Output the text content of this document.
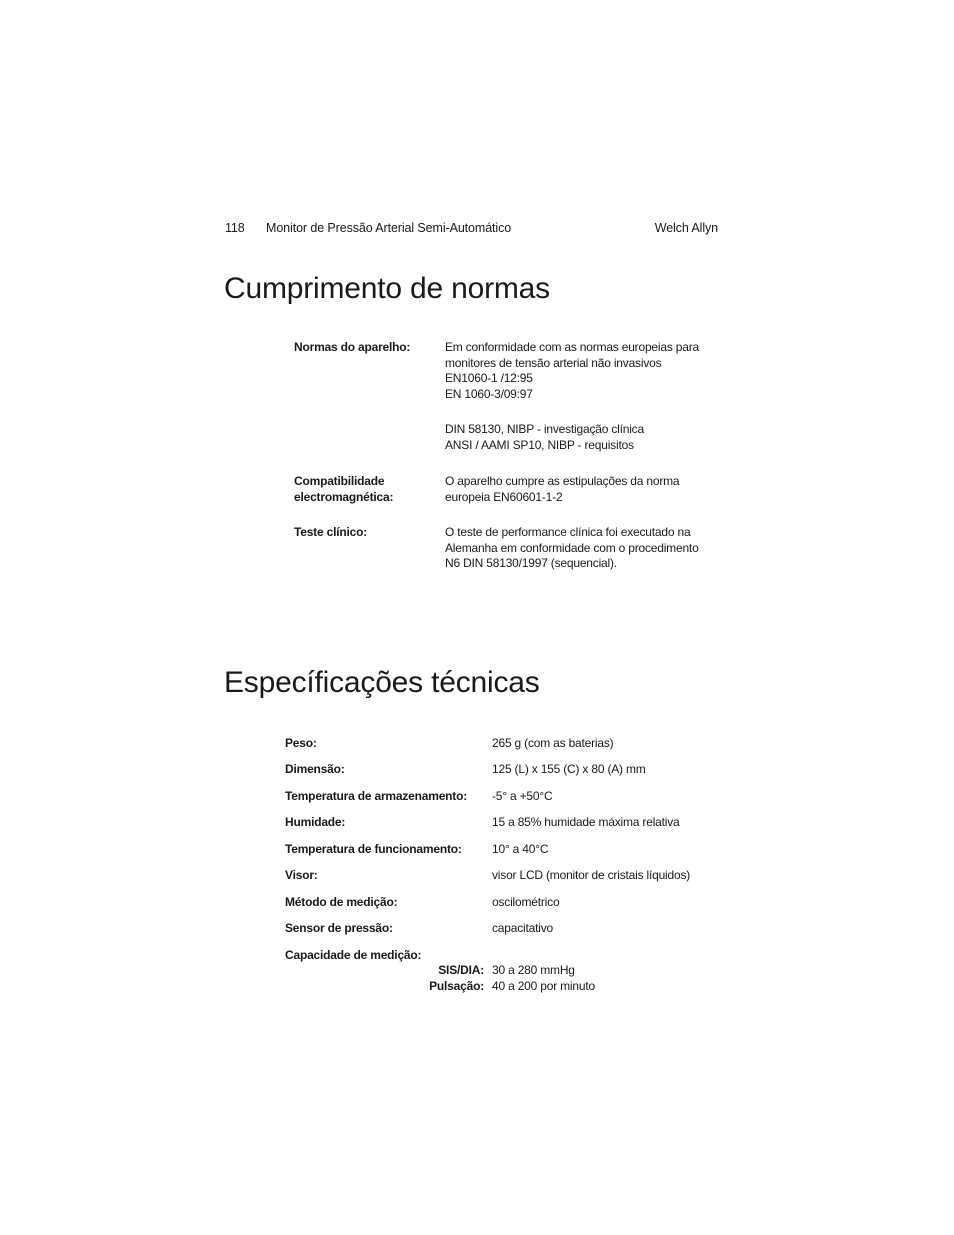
118 Monitor de Pressão Arterial Semi-Automático	Welch Allyn
Cumprimento de normas
Normas do aparelho:	Em conformidade com as normas europeias para
monitores de tensão arterial não invasivos
EN1060-1 /12:95
EN 1060-3/09:97
DIN 58130, NIBP - investigação clínica
ANSI / AAMI SP10, NIBP - requisitos
Compatibilidade
electromagnética:
O aparelho cumpre as estipulações da norma
europeia EN60601-1-2
Teste clínico:	O teste de performance clínica foi executado na
Alemanha em conformidade com o procedimento
N6 DIN 58130/1997 (sequencial).
Específicações técnicas
Peso:	265 g (com as baterias)
Dimensão:	125 (L) x 155 (C) x 80 (A) mm
Temperatura de armazenamento: -5° a +50°C
Humidade:	15 a 85% humidade máxima relativa
Temperatura de funcionamento:	10° a 40°C
Visor:	visor LCD (monitor de cristais líquidos)
Método de medição:	oscilométrico
Sensor de pressão:	capacitativo
Capacidade de medição:
SIS/DIA: 30 a 280 mmHg
Pulsação: 40 a 200 por minuto
